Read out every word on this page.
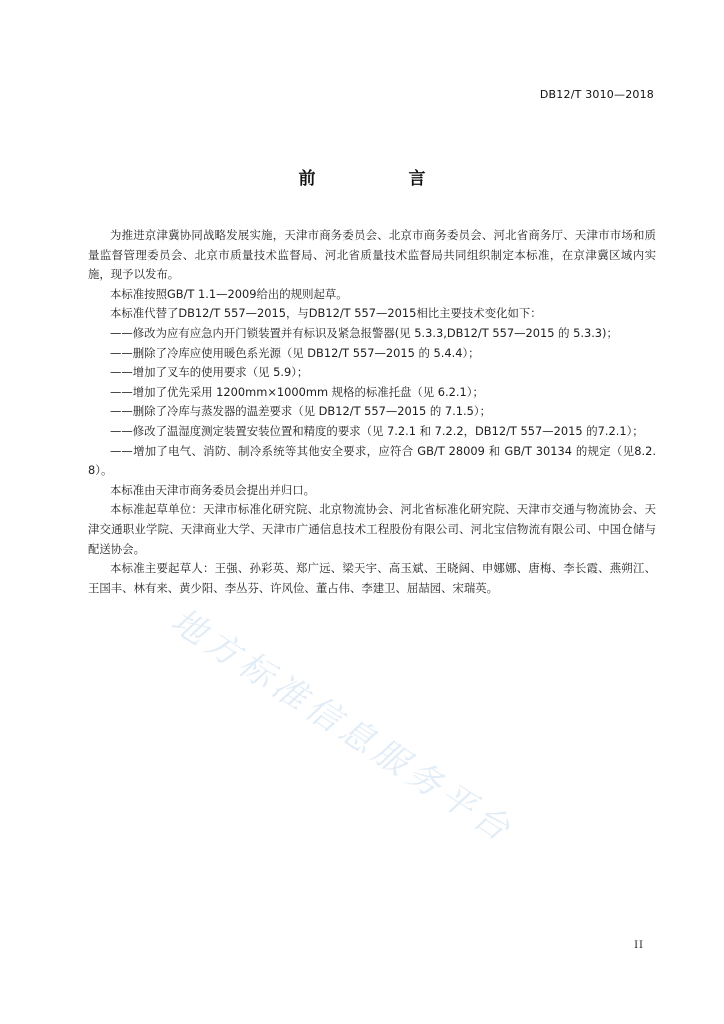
DB12/T 3010—2018
前　言

为推进京津冀协同战略发展实施，天津市商务委员会、北京市商务委员会、河北省商务厅、天津市市场和质量监督管理委员会、北京市质量技术监督局、河北省质量技术监督局共同组织制定本标准，在京津冀区域内实施，现予以发布。

本标准按照GB/T 1.1—2009给出的规则起草。

本标准代替了DB12/T 557—2015，与DB12/T 557—2015相比主要技术变化如下：

——修改为应有应急内开门锁装置并有标识及紧急报警器(见 5.3.3,DB12/T 557—2015 的 5.3.3)；

——删除了冷库应使用暖色系光源（见 DB12/T 557—2015 的 5.4.4）；

——增加了叉车的使用要求（见 5.9）；

——增加了优先采用 1200mm×1000mm 规格的标准托盘（见 6.2.1）；

——删除了冷库与蒸发器的温差要求（见 DB12/T 557—2015 的 7.1.5）；

——修改了温湿度测定装置安装位置和精度的要求（见 7.2.1 和 7.2.2，DB12/T 557—2015 的7.2.1）；

——增加了电气、消防、制冷系统等其他安全要求，应符合 GB/T 28009 和 GB/T 30134 的规定（见8.2.8）。

本标准由天津市商务委员会提出并归口。

本标准起草单位：天津市标准化研究院、北京物流协会、河北省标准化研究院、天津市交通与物流协会、天津交通职业学院、天津商业大学、天津市广通信息技术工程股份有限公司、河北宝信物流有限公司、中国仓储与配送协会。

本标准主要起草人：王强、孙彩英、郑广远、梁天宇、高玉斌、王晓阔、申娜娜、唐梅、李长霞、燕朔江、王国丰、林有来、黄少阳、李丛芬、许风俭、董占伟、李建卫、屈喆园、宋瑞英。

地方标准信息服务平台
II
